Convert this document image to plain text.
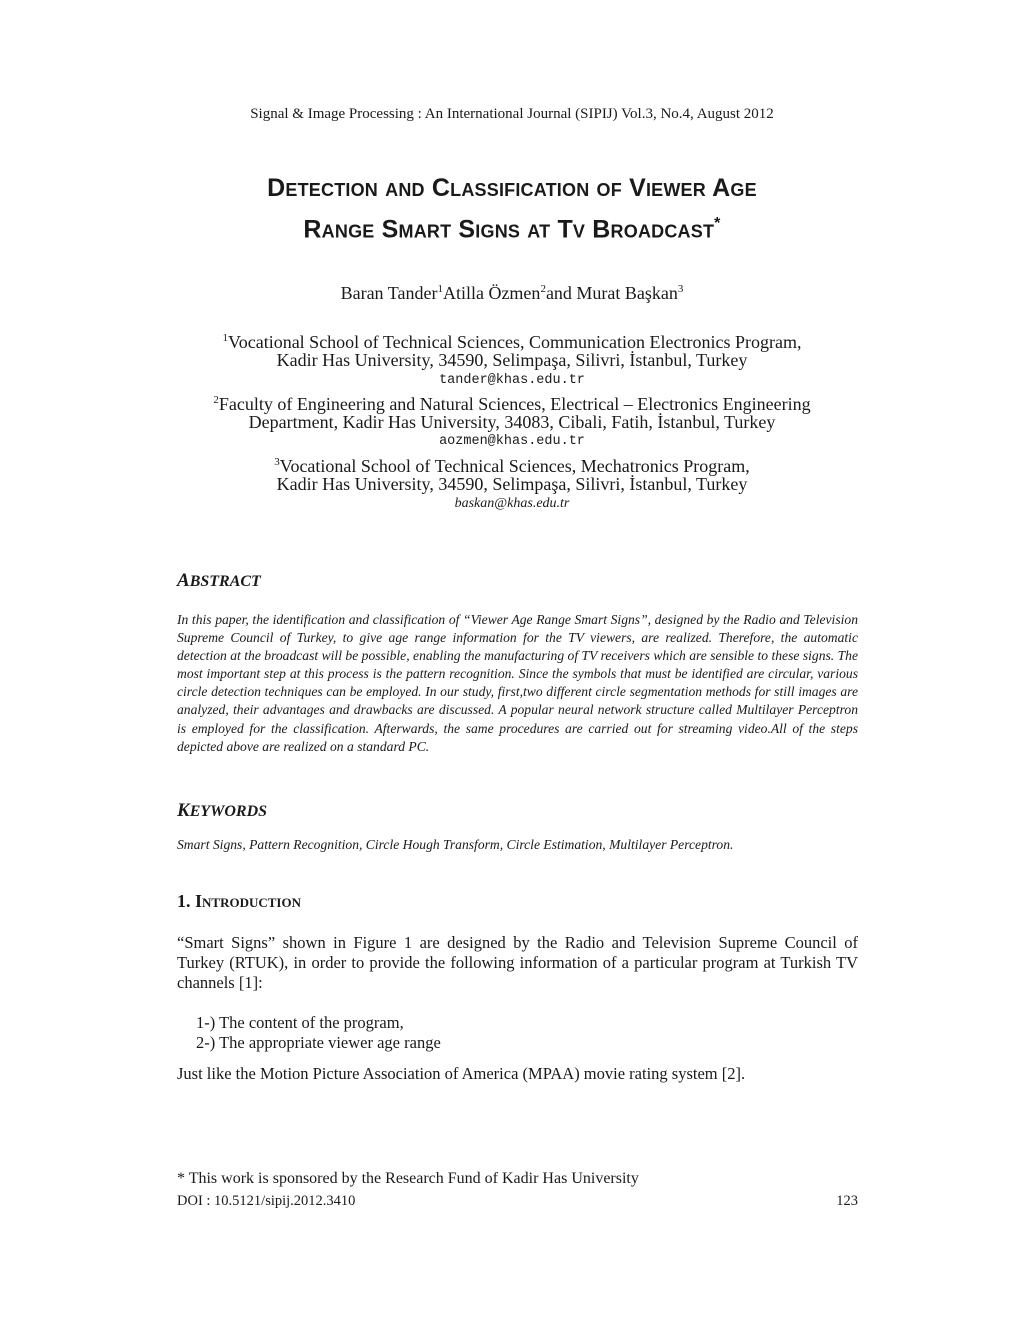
Signal & Image Processing : An International Journal (SIPIJ) Vol.3, No.4, August 2012
Detection and Classification of Viewer Age
Range Smart Signs at Tv Broadcast*
Baran Tander$^1$Atilla Özmen$^2$and Murat Başkan$^3$
$^1$Vocational School of Technical Sciences, Communication Electronics Program,
Kadir Has University, 34590, Selimpaşa, Silivri, İstanbul, Turkey
tander@khas.edu.tr
$^2$Faculty of Engineering and Natural Sciences, Electrical – Electronics Engineering
Department, Kadir Has University, 34083, Cibali, Fatih, İstanbul, Turkey
aozmen@khas.edu.tr
$^3$Vocational School of Technical Sciences, Mechatronics Program,
Kadir Has University, 34590, Selimpaşa, Silivri, İstanbul, Turkey
baskan@khas.edu.tr
ABSTRACT

In this paper, the identification and classification of “Viewer Age Range Smart Signs”, designed by the Radio and Television Supreme Council of Turkey, to give age range information for the TV viewers, are realized. Therefore, the automatic detection at the broadcast will be possible, enabling the manufacturing of TV receivers which are sensible to these signs. The most important step at this process is the pattern recognition. Since the symbols that must be identified are circular, various circle detection techniques can be employed. In our study, first,two different circle segmentation methods for still images are analyzed, their advantages and drawbacks are discussed. A popular neural network structure called Multilayer Perceptron is employed for the classification. Afterwards, the same procedures are carried out for streaming video.All of the steps depicted above are realized on a standard PC.

KEYWORDS
Smart Signs, Pattern Recognition, Circle Hough Transform, Circle Estimation, Multilayer Perceptron.
1. Introduction
“Smart Signs” shown in Figure 1 are designed by the Radio and Television Supreme Council of Turkey (RTUK), in order to provide the following information of a particular program at Turkish TV channels [1]:
1-) The content of the program,
2-) The appropriate viewer age range
Just like the Motion Picture Association of America (MPAA) movie rating system [2].
* This work is sponsored by the Research Fund of Kadir Has University
DOI : 10.5121/sipij.2012.3410	123
